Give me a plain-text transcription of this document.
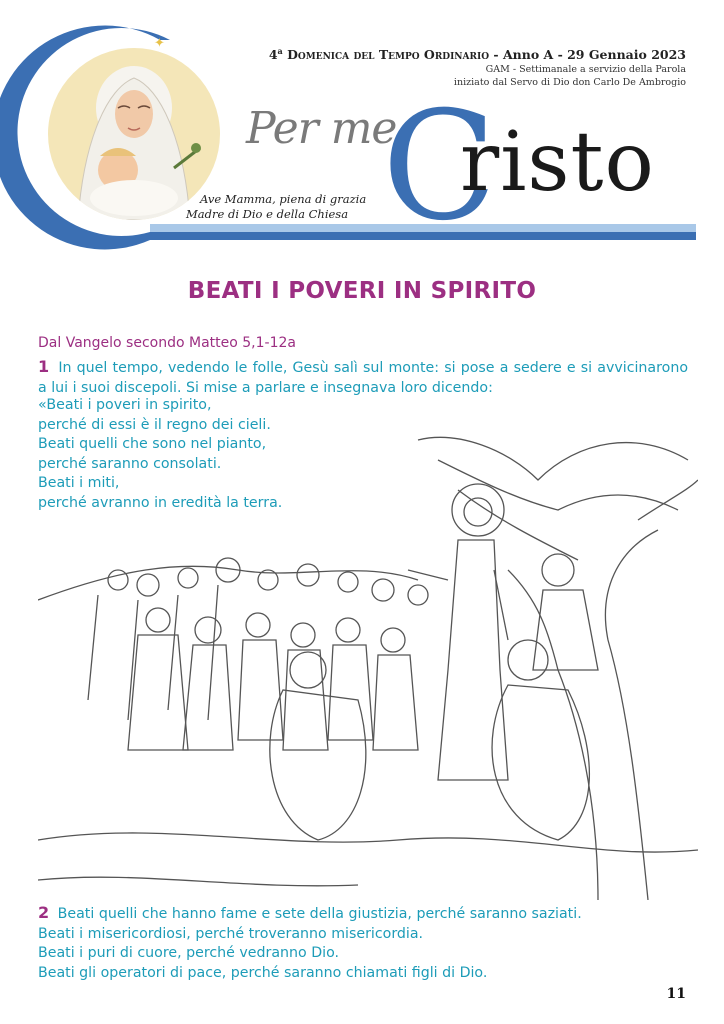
✦
4$^a$ Domenica del Tempo Ordinario - Anno A - 29 Gennaio 2023
GAM - Settimanale a servizio della Parola
iniziato dal Servo di Dio don Carlo De Ambrogio
Per me
C
risto
Ave Mamma, piena di grazia
Madre di Dio e della Chiesa
BEATI I POVERI IN SPIRITO
Dal Vangelo secondo Matteo 5,1-12a
1 In quel tempo, vedendo le folle, Gesù salì sul monte: si pose a sedere e si avvicinarono a lui i suoi discepoli. Si mise a parlare e insegnava loro dicendo:
«Beati i poveri in spirito,
perché di essi è il regno dei cieli.
Beati quelli che sono nel pianto,
perché saranno consolati.
Beati i miti,
perché avranno in eredità la terra.
2 Beati quelli che hanno fame e sete della giustizia, perché saranno saziati.
Beati i misericordiosi, perché troveranno misericordia.
Beati i puri di cuore, perché vedranno Dio.
Beati gli operatori di pace, perché saranno chiamati figli di Dio.
11
